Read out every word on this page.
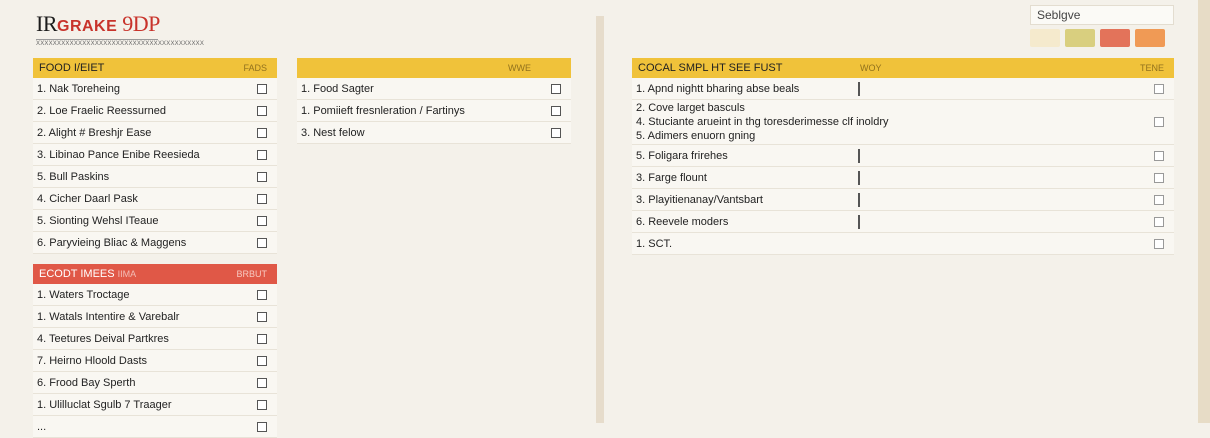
IRGRAKE 9DP
XXXXXXXXXXXXXXXXXXXXXXXXXXXXXXXXXXXXXXXX
Seblgve
FOOD I/EIET	FADS
1. Nak Toreheing
2. Loe Fraelic Reessurned
2. Alight # Breshjr Ease
3. Libinao Pance Enibe Reesieda
5. Bull Paskins
4. Cicher Daarl Pask
5. Sionting Wehsl ITeaue
6. Paryvieing Bliac & Maggens
ECODT IMEES IIMA	BRBUT
1. Waters Troctage
1. Watals Intentire & Varebalr
4. Teetures Deival Partkres
7. Heirno Hloold Dasts
6. Frood Bay Sperth
1. Ulilluclat Sgulb 7 Traager
...
WWE
1. Food Sagter
1. Pomiieft fresnleration / Fartinys
3. Nest felow
COCAL SMPL HT SEE FUST	WOY	TENE
1. Apnd nightt bharing abse beals
2. Cove larget basculs
4. Stuciante arueint in thg toresderimesse clf inoldry
5. Adimers enuorn gning
5. Foligara frirehes
3. Farge flount
3. Playitienanay/Vantsbart
6. Reevele moders
1. SCT.
